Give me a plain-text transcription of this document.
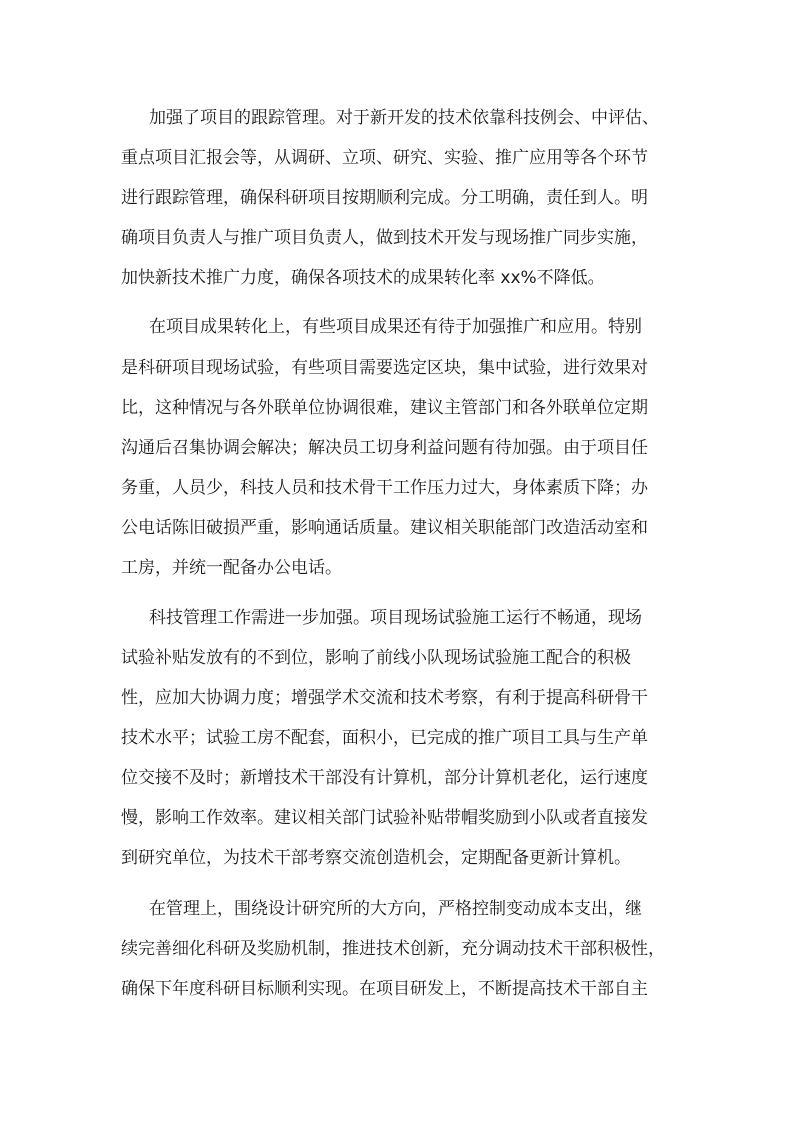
加强了项目的跟踪管理。对于新开发的技术依靠科技例会、中评估、
重点项目汇报会等，从调研、立项、研究、实验、推广应用等各个环节
进行跟踪管理，确保科研项目按期顺利完成。分工明确，责任到人。明
确项目负责人与推广项目负责人，做到技术开发与现场推广同步实施，
加快新技术推广力度，确保各项技术的成果转化率 xx%不降低。
在项目成果转化上，有些项目成果还有待于加强推广和应用。特别
是科研项目现场试验，有些项目需要选定区块，集中试验，进行效果对
比，这种情况与各外联单位协调很难，建议主管部门和各外联单位定期
沟通后召集协调会解决；解决员工切身利益问题有待加强。由于项目任
务重，人员少，科技人员和技术骨干工作压力过大，身体素质下降；办
公电话陈旧破损严重，影响通话质量。建议相关职能部门改造活动室和
工房，并统一配备办公电话。
科技管理工作需进一步加强。项目现场试验施工运行不畅通，现场
试验补贴发放有的不到位，影响了前线小队现场试验施工配合的积极
性，应加大协调力度；增强学术交流和技术考察，有利于提高科研骨干
技术水平；试验工房不配套，面积小，已完成的推广项目工具与生产单
位交接不及时；新增技术干部没有计算机，部分计算机老化，运行速度
慢，影响工作效率。建议相关部门试验补贴带帽奖励到小队或者直接发
到研究单位，为技术干部考察交流创造机会，定期配备更新计算机。
在管理上，围绕设计研究所的大方向，严格控制变动成本支出，继
续完善细化科研及奖励机制，推进技术创新，充分调动技术干部积极性，
确保下年度科研目标顺利实现。在项目研发上，不断提高技术干部自主
